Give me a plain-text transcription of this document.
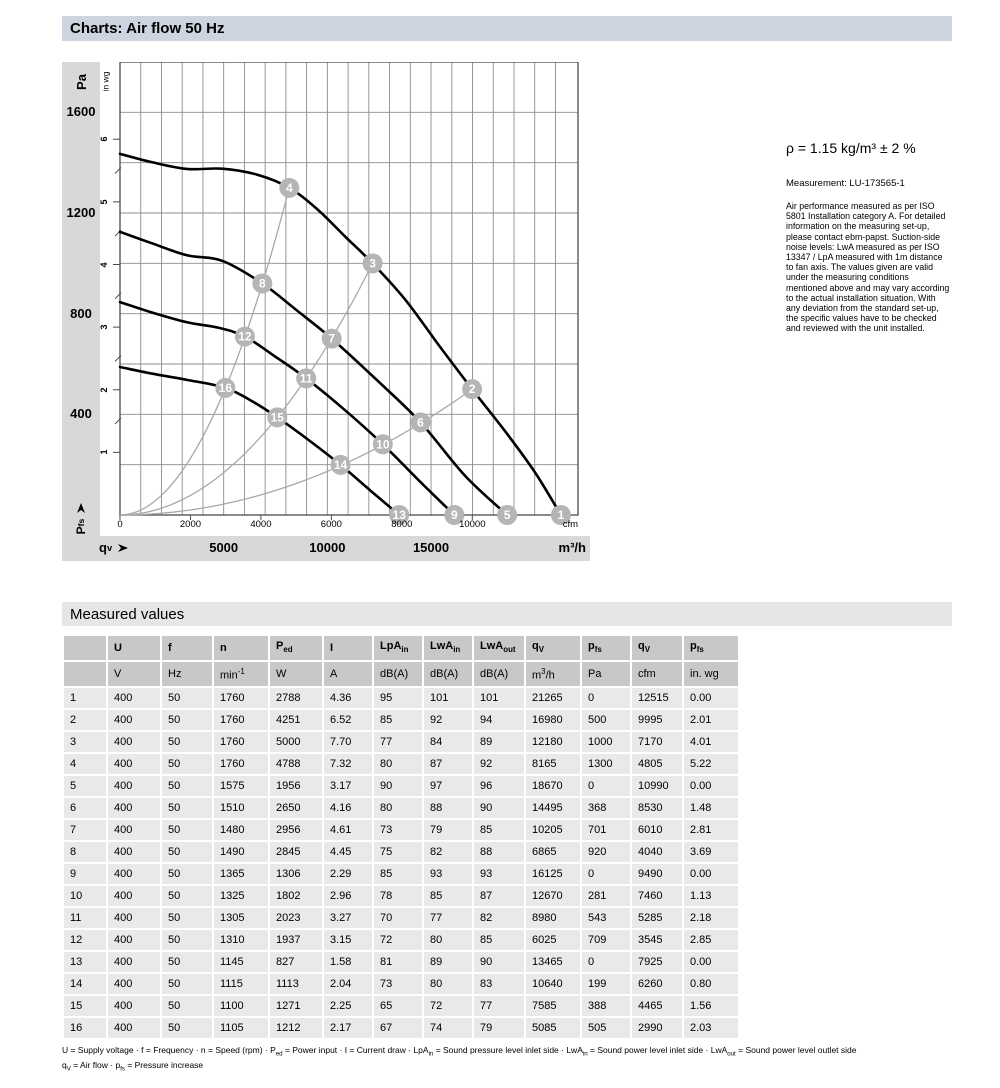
Charts: Air flow 50 Hz
1
2
3
4
5
6
7
8
9
10
11
12
13
14
15
16
Pa in wg
P
fs
q v
1600
1200
800
400
6
5
4
3
2
1
0	2000	4000	6000	8000	10000	cfm
5000	10000	15000	m³/h
ρ = 1.15 kg/m³ ± 2 %
Measurement: LU-173565-1
Air performance measured as per ISO 5801 Installation category A. For detailed information on the measuring set-up, please contact ebm-papst. Suction-side noise levels: LwA measured as per ISO 13347 / LpA measured with 1m distance to fan axis. The values given are valid under the measuring conditions mentioned above and may vary according to the actual installation situation. With any deviation from the standard set-up, the specific values have to be checked and reviewed with the unit installed.
Measured values
	U	f	n	$P_{ed}$	I	LpA$_{in}$	LwA$_{in}$	LwA$_{out}$	$q_V$	$p_{fs}$	$q_V$	$p_{fs}$
	V	Hz	$\min^{-1}$	W	A	dB(A)	dB(A)	dB(A)	$m^3/h$	Pa	cfm	in. wg
1	400	50	1760	2788	4.36	95	101	101	21265	0	12515	0.00
2	400	50	1760	4251	6.52	85	92	94	16980	500	9995	2.01
3	400	50	1760	5000	7.70	77	84	89	12180	1000	7170	4.01
4	400	50	1760	4788	7.32	80	87	92	8165	1300	4805	5.22
5	400	50	1575	1956	3.17	90	97	96	18670	0	10990	0.00
6	400	50	1510	2650	4.16	80	88	90	14495	368	8530	1.48
7	400	50	1480	2956	4.61	73	79	85	10205	701	6010	2.81
8	400	50	1490	2845	4.45	75	82	88	6865	920	4040	3.69
9	400	50	1365	1306	2.29	85	93	93	16125	0	9490	0.00
10	400	50	1325	1802	2.96	78	85	87	12670	281	7460	1.13
11	400	50	1305	2023	3.27	70	77	82	8980	543	5285	2.18
12	400	50	1310	1937	3.15	72	80	85	6025	709	3545	2.85
13	400	50	1145	827	1.58	81	89	90	13465	0	7925	0.00
14	400	50	1115	1113	2.04	73	80	83	10640	199	6260	0.80
15	400	50	1100	1271	2.25	65	72	77	7585	388	4465	1.56
16	400	50	1105	1212	2.17	67	74	79	5085	505	2990	2.03
U = Supply voltage · f = Frequency · n = Speed $(rpm) \cdot P_{ed}$ = Power input · I = Current draw · LpA$_{in}$ = Sound pressure level inlet side · LwA$_{in}$ = Sound power level inlet side · LwA$_{out}$ = Sound power level outlet side
$q_V$ = Air flow · $p_{fs}$ = Pressure increase
